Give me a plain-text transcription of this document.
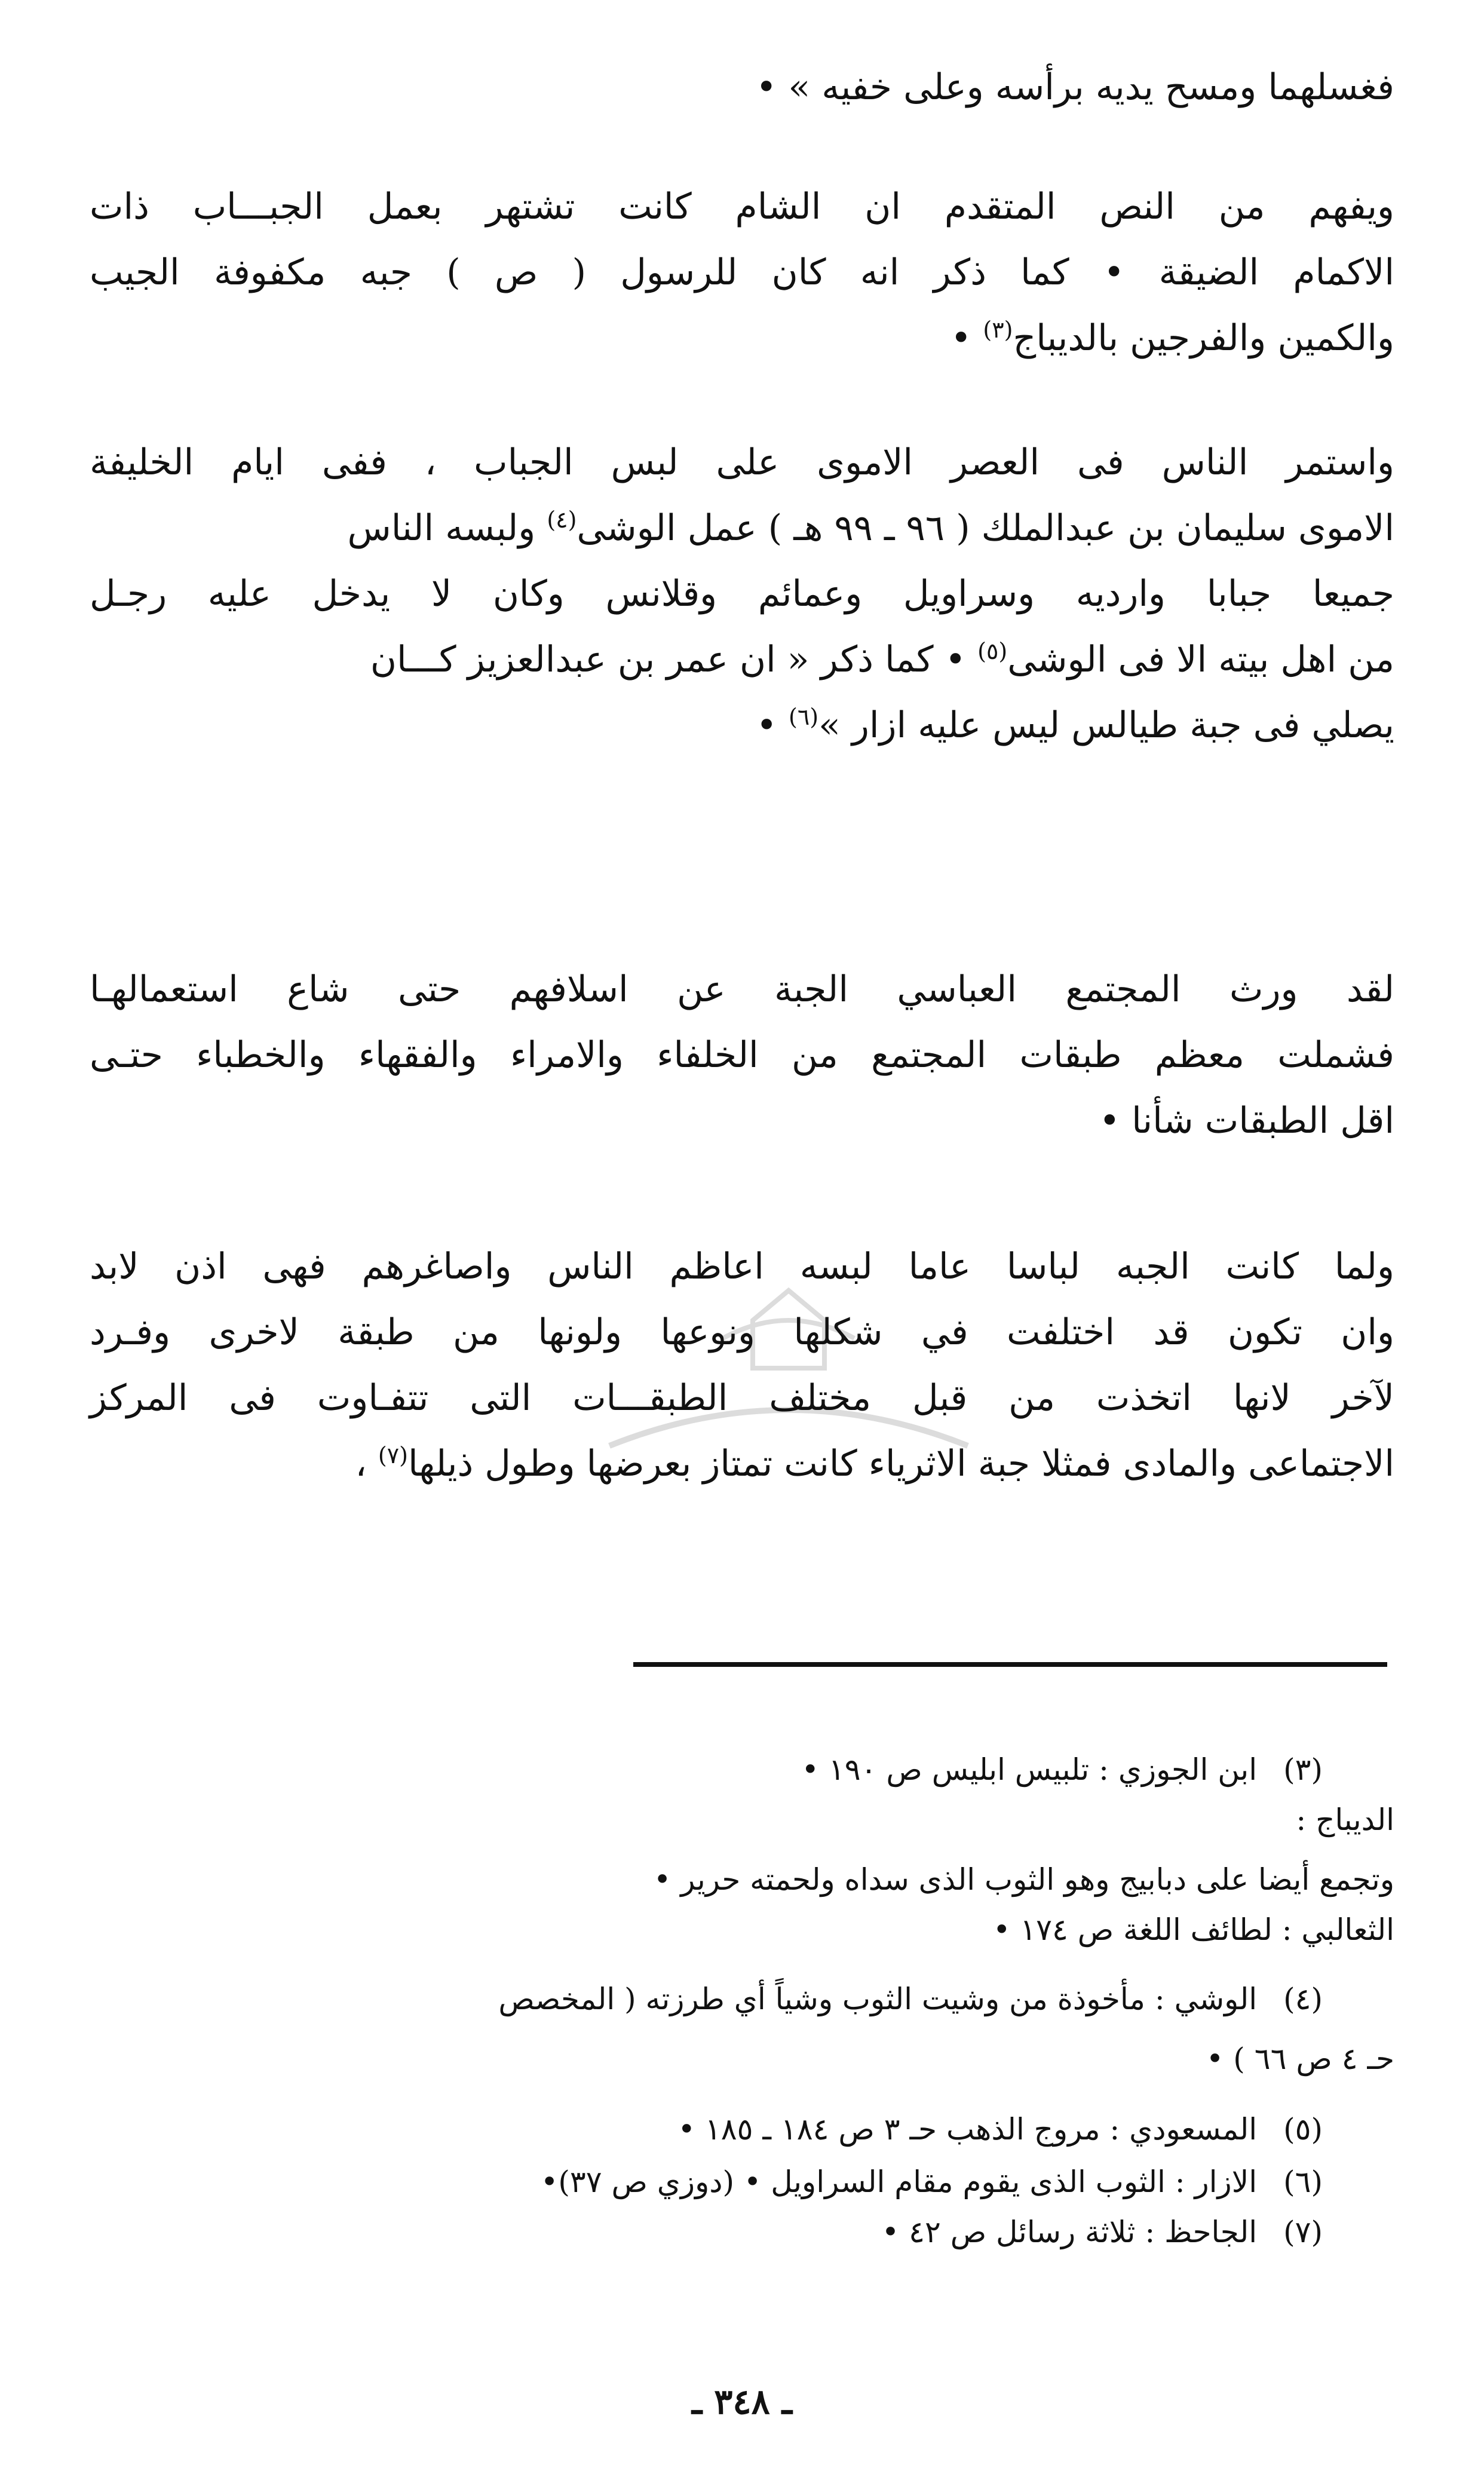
فغسلهما ومسح يديه برأسه وعلى خفيه » •
ويفهم من النص المتقدم ان الشام كانت تشتهر بعمل الجبـــاب ذات
الاكمام الضيقة • كما ذكر انه كان للرسول ( ص ) جبه مكفوفة الجيب
والكمين والفرجين بالديباج$^{(٣)}$ •
واستمر الناس فى العصر الاموى على لبس الجباب ، ففى ايام الخليفة
الاموى سليمان بن عبدالملك ( ٩٦ ـ ٩٩ هـ ) عمل الوشى$^{(٤)}$ ولبسه الناس
جميعا جبابا وارديه وسراويل وعمائم وقلانس وكان لا يدخل عليه رجـل
من اهل بيته الا فى الوشى$^{(٥)}$ • كما ذكر « ان عمر بن عبدالعزيز كـــان
يصلي فى جبة طيالس ليس عليه ازار »$^{(٦)}$ •
لقد ورث المجتمع العباسي الجبة عن اسلافهم حتى شاع استعمالهـا
فشملت معظم طبقات المجتمع من الخلفاء والامراء والفقهاء والخطباء حتـى
اقل الطبقات شأنا •
ولما كانت الجبه لباسا عاما لبسه اعاظم الناس واصاغرهم فهى اذن لابد
وان تكون قد اختلفت في شكلها ونوعها ولونها من طبقة لاخرى وفـرد
لآخر لانها اتخذت من قبل مختلف الطبقـــات التى تتفـاوت فى المركز
الاجتماعى والمادى فمثلا جبة الاثرياء كانت تمتاز بعرضها وطول ذيلها$^{(٧)}$ ،
(٣)ابن الجوزي : تلبيس ابليس ص ١٩٠ •
الديباج :
وتجمع أيضا على دبابيج وهو الثوب الذى سداه ولحمته حرير •
الثعالبي : لطائف اللغة ص ١٧٤ •
(٤)الوشي : مأخوذة من وشيت الثوب وشياً أي طرزته ( المخصص
حـ ٤ ص ٦٦ ) •
(٥)المسعودي : مروج الذهب حـ ٣ ص ١٨٤ ـ ١٨٥ •
(٦)الازار : الثوب الذى يقوم مقام السراويل • (دوزي ص ٣٧)•
(٧)الجاحظ : ثلاثة رسائل ص ٤٢ •
ـ ٣٤٨ ـ
